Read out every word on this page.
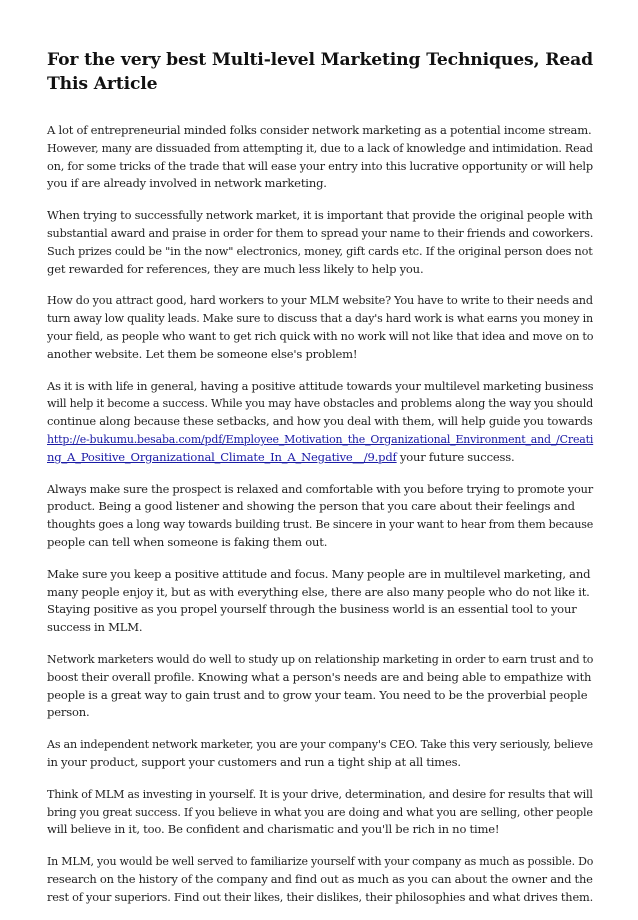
For the very best Multi-level Marketing Techniques, Read
This Article

A lot of entrepreneurial minded folks consider network marketing as a potential income stream.
However, many are dissuaded from attempting it, due to a lack of knowledge and intimidation. Read
on, for some tricks of the trade that will ease your entry into this lucrative opportunity or will help
you if are already involved in network marketing.

When trying to successfully network market, it is important that provide the original people with
substantial award and praise in order for them to spread your name to their friends and coworkers.
Such prizes could be "in the now" electronics, money, gift cards etc. If the original person does not
get rewarded for references, they are much less likely to help you.

How do you attract good, hard workers to your MLM website? You have to write to their needs and
turn away low quality leads. Make sure to discuss that a day's hard work is what earns you money in
your field, as people who want to get rich quick with no work will not like that idea and move on to
another website. Let them be someone else's problem!

As it is with life in general, having a positive attitude towards your multilevel marketing business
will help it become a success. While you may have obstacles and problems along the way you should
continue along because these setbacks, and how you deal with them, will help guide you towards
http://e-bukumu.besaba.com/pdf/Employee_Motivation_the_Organizational_Environment_and_/Creati
ng_A_Positive_Organizational_Climate_In_A_Negative__/9.pdf your future success.

Always make sure the prospect is relaxed and comfortable with you before trying to promote your
product. Being a good listener and showing the person that you care about their feelings and
thoughts goes a long way towards building trust. Be sincere in your want to hear from them because
people can tell when someone is faking them out.

Make sure you keep a positive attitude and focus. Many people are in multilevel marketing, and
many people enjoy it, but as with everything else, there are also many people who do not like it.
Staying positive as you propel yourself through the business world is an essential tool to your
success in MLM.

Network marketers would do well to study up on relationship marketing in order to earn trust and to
boost their overall profile. Knowing what a person's needs are and being able to empathize with
people is a great way to gain trust and to grow your team. You need to be the proverbial people
person.

As an independent network marketer, you are your company's CEO. Take this very seriously, believe
in your product, support your customers and run a tight ship at all times.

Think of MLM as investing in yourself. It is your drive, determination, and desire for results that will
bring you great success. If you believe in what you are doing and what you are selling, other people
will believe in it, too. Be confident and charismatic and you'll be rich in no time!

In MLM, you would be well served to familiarize yourself with your company as much as possible. Do
research on the history of the company and find out as much as you can about the owner and the
rest of your superiors. Find out their likes, their dislikes, their philosophies and what drives them.
